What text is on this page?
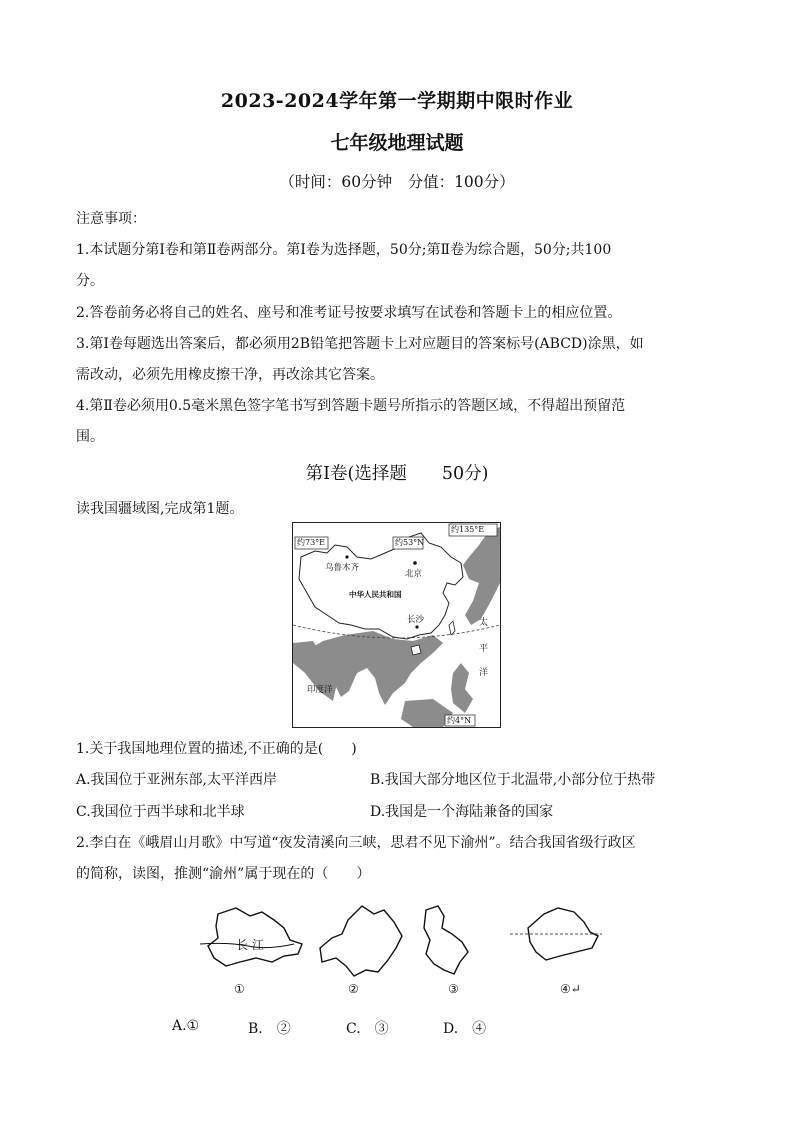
2023-2024学年第一学期期中限时作业
七年级地理试题
（时间：60分钟　分值：100分）
注意事项：
1.本试题分第Ⅰ卷和第Ⅱ卷两部分。第Ⅰ卷为选择题，50分;第Ⅱ卷为综合题，50分;共100
分。
2.答卷前务必将自己的姓名、座号和准考证号按要求填写在试卷和答题卡上的相应位置。
3.第Ⅰ卷每题选出答案后，都必须用2B铅笔把答题卡上对应题目的答案标号(ABCD)涂黑，如
需改动，必须先用橡皮擦干净，再改涂其它答案。
4.第Ⅱ卷必须用0.5毫米黑色签字笔书写到答题卡题号所指示的答题区域，不得超出预留范
围。
第Ⅰ卷(选择题　　50分)
读我国疆域图,完成第1题。
约73°E
约135°E
约53°N
约4°N
乌鲁木齐
北京
中华人民共和国
长沙	太
平
洋
印度洋
1.关于我国地理位置的描述,不正确的是(　　)
A.我国位于亚洲东部,太平洋西岸	B.我国大部分地区位于北温带,小部分位于热带
C.我国位于西半球和北半球	D.我国是一个海陆兼备的国家
2.李白在《峨眉山月歌》中写道“夜发清溪向三峡，思君不见下渝州”。结合我国省级行政区
的简称，读图，推测“渝州”属于现在的（　　）
长 江
①	②	③	④↵
A.①	B.　②	C.　③	D.　④
